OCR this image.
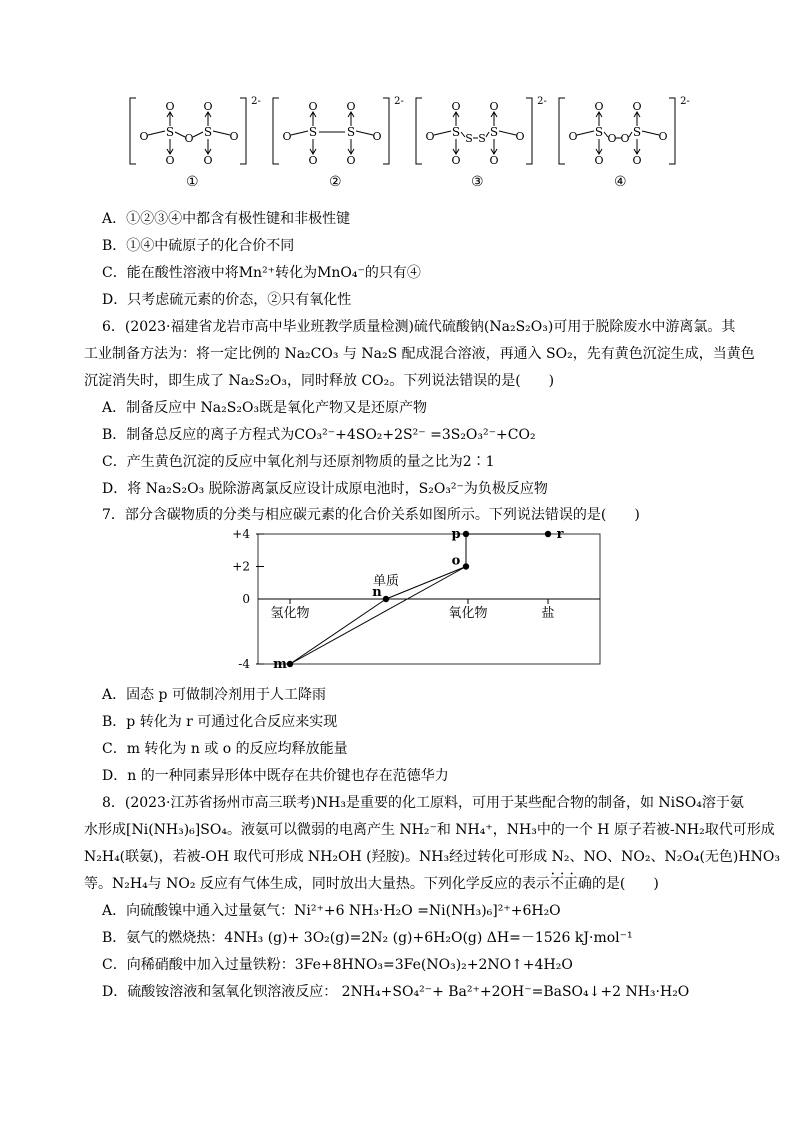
2-
S
O
O
S
O
O
O	O
O
2-
S
O
O
S
O
O
O	O
2-
S
O
O
S
O
O
O	O
S S
2-
S
O
O
S
O
O
O	O
O O
①	②	③	④
A．①②③④中都含有极性键和非极性键
B．①④中硫原子的化合价不同
C．能在酸性溶液中将Mn²⁺转化为MnO₄⁻的只有④
D．只考虑硫元素的价态，②只有氧化性
6．(2023·福建省龙岩市高中毕业班教学质量检测)硫代硫酸钠(Na₂S₂O₃)可用于脱除废水中游离氯。其
工业制备方法为：将一定比例的 Na₂CO₃ 与 Na₂S 配成混合溶液，再通入 SO₂，先有黄色沉淀生成，当黄色
沉淀消失时，即生成了 Na₂S₂O₃，同时释放 CO₂。下列说法错误的是(　　)
A．制备反应中 Na₂S₂O₃既是氧化产物又是还原产物
B．制备总反应的离子方程式为CO₃²⁻+4SO₂+2S²⁻ =3S₂O₃²⁻+CO₂
C．产生黄色沉淀的反应中氧化剂与还原剂物质的量之比为2∶1
D．将 Na₂S₂O₃ 脱除游离氯反应设计成原电池时，S₂O₃²⁻为负极反应物
7．部分含碳物质的分类与相应碳元素的化合价关系如图所示。下列说法错误的是(　　)
+4
+2
0
-4
氢化物	氧化物	盐
单质
m
n
o
p	r
A．固态 p 可做制冷剂用于人工降雨
B．p 转化为 r 可通过化合反应来实现
C．m 转化为 n 或 o 的反应均释放能量
D．n 的一种同素异形体中既存在共价键也存在范德华力
8．(2023·江苏省扬州市高三联考)NH₃是重要的化工原料，可用于某些配合物的制备，如 NiSO₄溶于氨
水形成[Ni(NH₃)₆]SO₄。液氨可以微弱的电离产生 NH₂⁻和 NH₄⁺，NH₃中的一个 H 原子若被-NH₂取代可形成
N₂H₄(联氨)，若被-OH 取代可形成 NH₂OH (羟胺)。NH₃经过转化可形成 N₂、NO、NO₂、N₂O₄(无色)HNO₃
等。N₂H₄与 NO₂ 反应有气体生成，同时放出大量热。下列化学反应的表示• • • 不正确的是(　　)
A．向硫酸镍中通入过量氨气：Ni²⁺+6 NH₃·H₂O =Ni(NH₃)₆]²⁺+6H₂O
B．氨气的燃烧热：4NH₃ (g)+ 3O₂(g)=2N₂ (g)+6H₂O(g) ΔH=－1526 kJ·mol⁻¹
C．向稀硝酸中加入过量铁粉：3Fe+8HNO₃=3Fe(NO₃)₂+2NO↑+4H₂O
D．硫酸铵溶液和氢氧化钡溶液反应： 2NH₄+SO₄²⁻+ Ba²⁺+2OH⁻=BaSO₄↓+2 NH₃·H₂O
